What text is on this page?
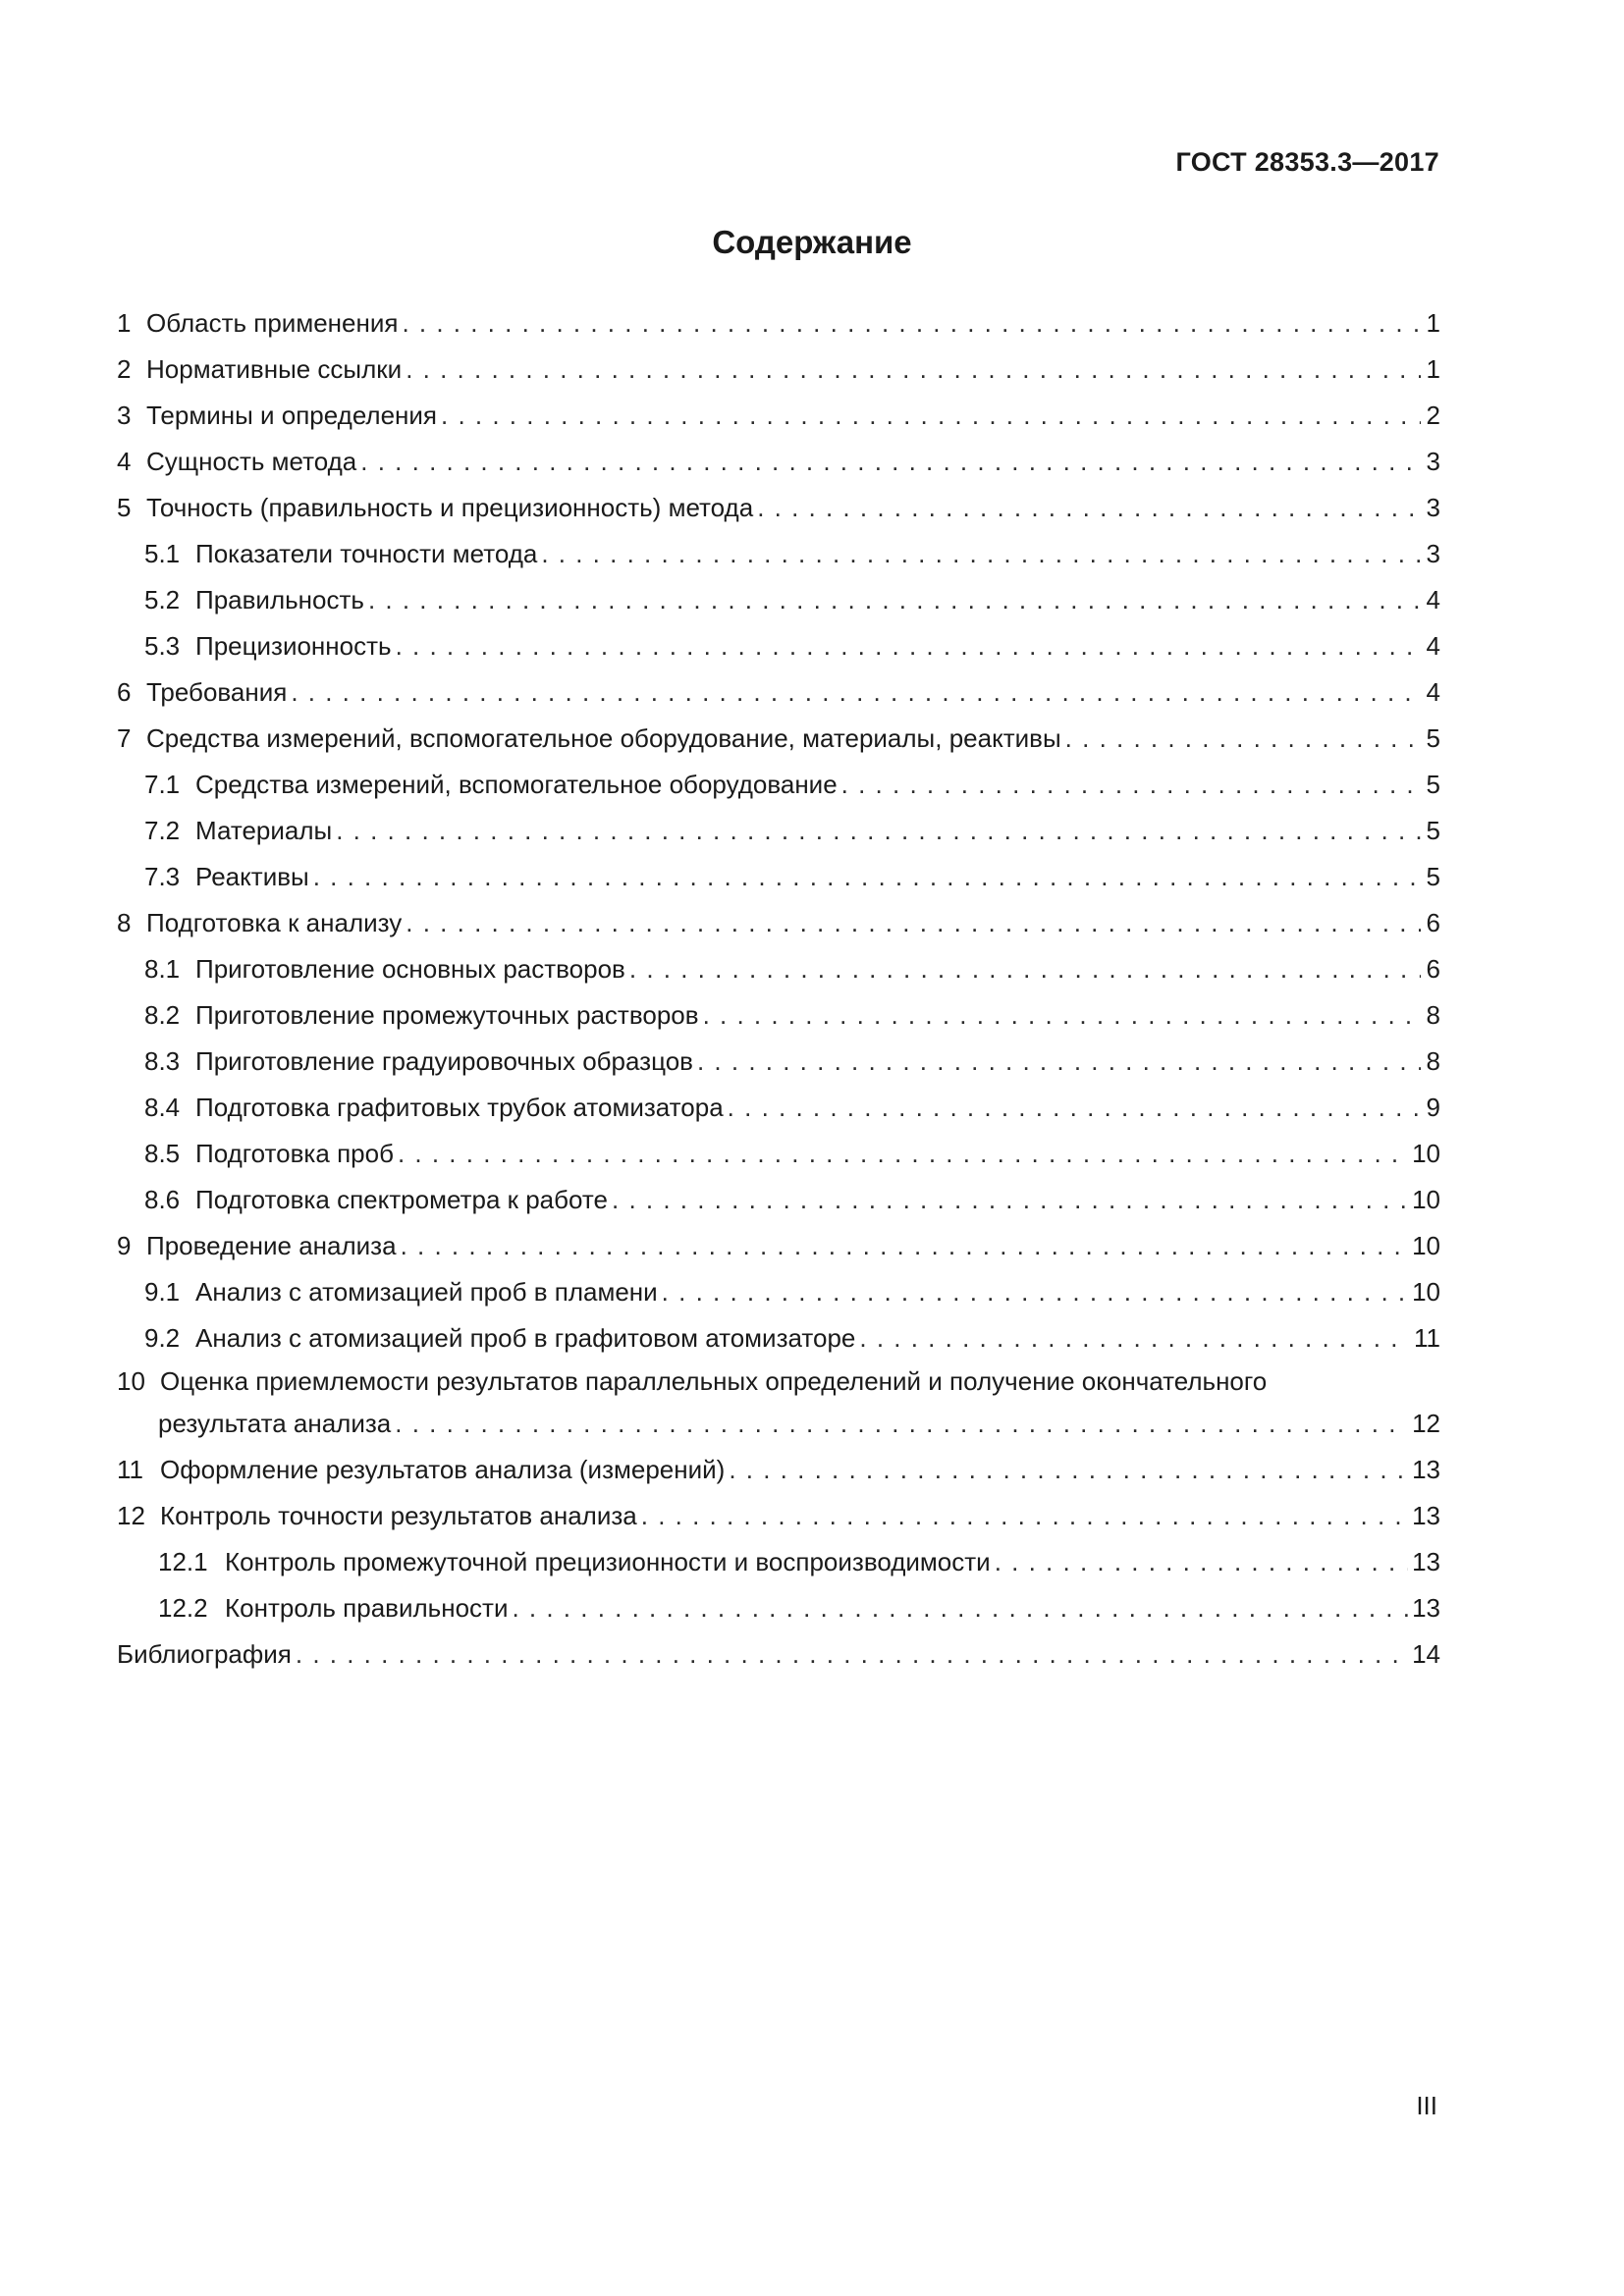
ГОСТ 28353.3—2017
Содержание
1 Область применения . . .	1
2 Нормативные ссылки . . .	1
3 Термины и определения . . .	2
4 Сущность метода . . .	3
5 Точность (правильность и прецизионность) метода . . .	3
5.1 Показатели точности метода . . .	3
5.2 Правильность . . .	4
5.3 Прецизионность . . .	4
6 Требования . . .	4
7 Средства измерений, вспомогательное оборудование, материалы, реактивы . . .	5
7.1 Средства измерений, вспомогательное оборудование . . .	5
7.2 Материалы . . .	5
7.3 Реактивы . . .	5
8 Подготовка к анализу . . .	6
8.1 Приготовление основных растворов . . .	6
8.2 Приготовление промежуточных растворов . . .	8
8.3 Приготовление градуировочных образцов . . .	8
8.4 Подготовка графитовых трубок атомизатора . . .	9
8.5 Подготовка проб . . .	10
8.6 Подготовка спектрометра к работе . . .	10
9 Проведение анализа . . .	10
9.1 Анализ с атомизацией проб в пламени . . .	10
9.2 Анализ с атомизацией проб в графитовом атомизаторе . . .	11
10 Оценка приемлемости результатов параллельных определений и получение окончательного
результата анализа . . .	12
11 Оформление результатов анализа (измерений) . . .	13
12 Контроль точности результатов анализа . . .	13
12.1 Контроль промежуточной прецизионности и воспроизводимости . . .	13
12.2 Контроль правильности . . .	13
Библиография . . .	14
III
